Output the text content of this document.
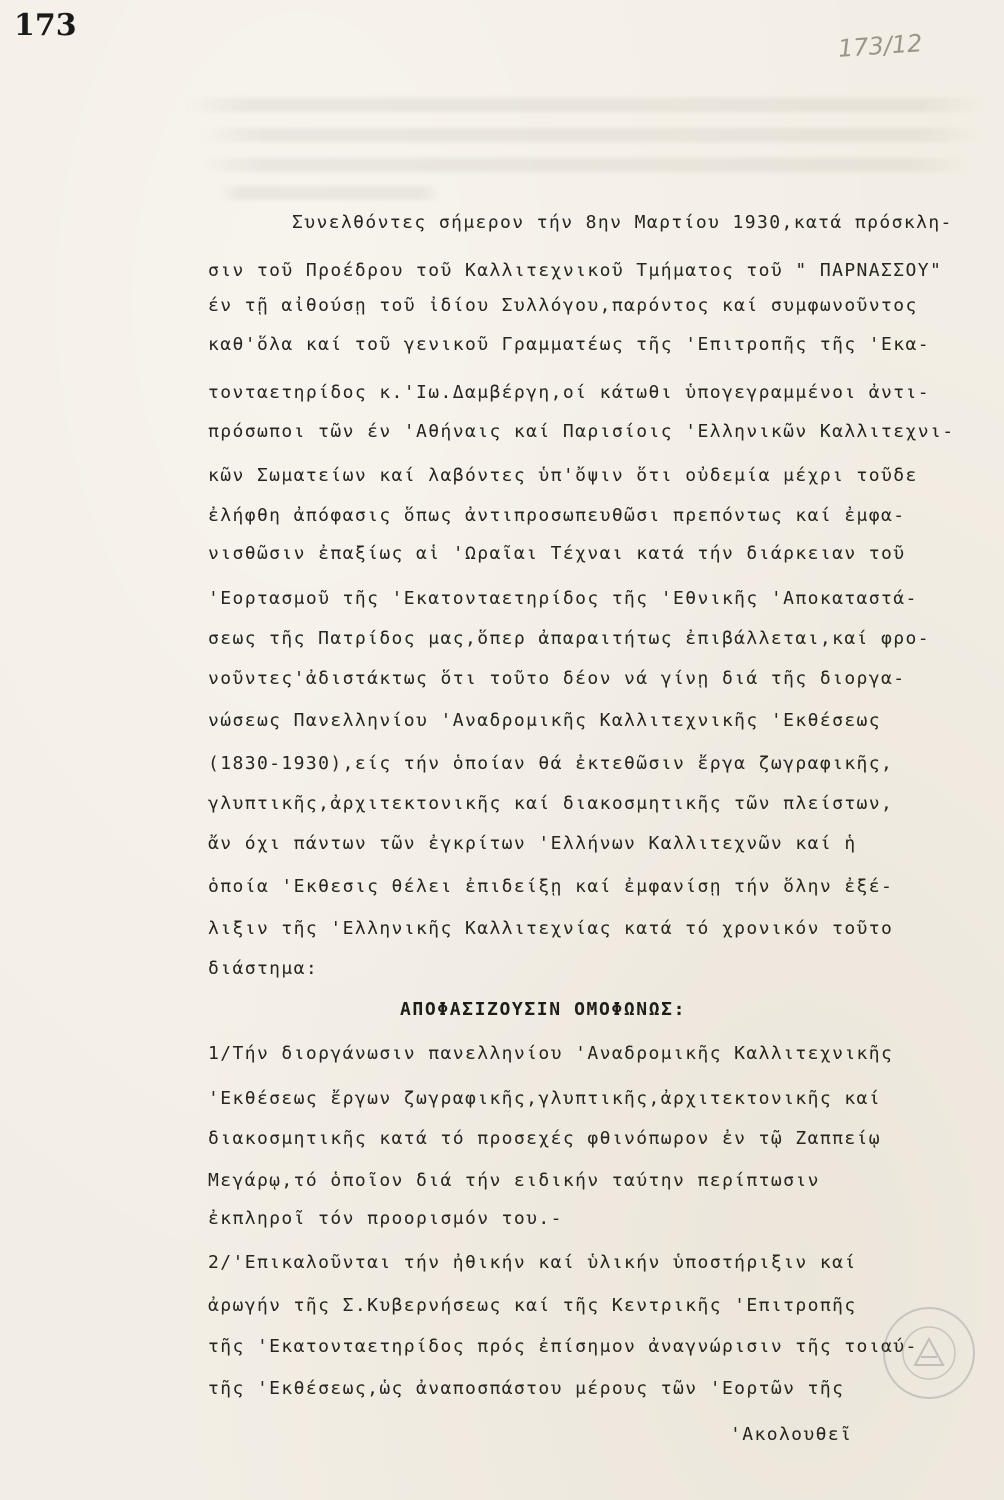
173
173/12
Συνελθόντες σήμερον τήν 8ην Μαρτίου 1930,κατά πρόσκλη-
σιν τοῦ Προέδρου τοῦ Καλλιτεχνικοῦ Τμήματος τοῦ " ΠΑΡΝΑΣΣΟΥ"
έν τῇ αἰθούσῃ τοῦ ἰδίου Συλλόγου,παρόντος καί συμφωνοῦντος
καθ'ὅλα καί τοῦ γενικοῦ Γραμματέως τῆς 'Επιτροπῆς τῆς 'Εκα-
τονταετηρίδος κ.'Ιω.Δαμβέργη,οί κάτωθι ὑπογεγραμμένοι ἀντι-
πρόσωποι τῶν έν 'Αθήναις καί Παρισίοις 'Ελληνικῶν Καλλιτεχνι-
κῶν Σωματείων καί λαβόντες ὑπ'ὄψιν ὅτι οὐδεμία μέχρι τοῦδε
ἐλήφθη ἀπόφασις ὅπως ἀντιπροσωπευθῶσι πρεπόντως καί ἐμφα-
νισθῶσιν ἐπαξίως αἱ 'Ωραῖαι Τέχναι κατά τήν διάρκειαν τοῦ
'Εορτασμοῦ τῆς 'Εκατονταετηρίδος τῆς 'Εθνικῆς 'Αποκαταστά-
σεως τῆς Πατρίδος μας,ὅπερ ἀπαραιτήτως ἐπιβάλλεται,καί φρο-
νοῦντες'ἀδιστάκτως ὅτι τοῦτο δέον νά γίνῃ διά τῆς διοργα-
νώσεως Πανελληνίου 'Αναδρομικῆς Καλλιτεχνικῆς 'Εκθέσεως
(1830-1930),είς τήν ὁποίαν θά ἐκτεθῶσιν ἔργα ζωγραφικῆς,
γλυπτικῆς,ἀρχιτεκτονικῆς καί διακοσμητικῆς τῶν πλείστων,
ἄν όχι πάντων τῶν ἐγκρίτων 'Ελλήνων Καλλιτεχνῶν καί ἡ
ὁποία 'Εκθεσις θέλει ἐπιδείξῃ καί ἐμφανίσῃ τήν ὅλην ἐξέ-
λιξιν τῆς 'Ελληνικῆς Καλλιτεχνίας κατά τό χρονικόν τοῦτο
διάστημα:
ΑΠΟΦΑΣΙΖΟΥΣΙΝ ΟΜΟΦΩΝΩΣ:
1/Τήν διοργάνωσιν πανελληνίου 'Αναδρομικῆς Καλλιτεχνικῆς
'Εκθέσεως ἔργων ζωγραφικῆς,γλυπτικῆς,ἀρχιτεκτονικῆς καί
διακοσμητικῆς κατά τό προσεχές φθινόπωρον ἐν τῷ Ζαππείῳ
Μεγάρῳ,τό ὁποῖον διά τήν ειδικήν ταύτην περίπτωσιν
ἐκπληροῖ τόν προορισμόν του.-
2/'Επικαλοῦνται τήν ἠθικήν καί ὑλικήν ὑποστήριξιν καί
ἀρωγήν τῆς Σ.Κυβερνήσεως καί τῆς Κεντρικῆς 'Επιτροπῆς
τῆς 'Εκατονταετηρίδος πρός ἐπίσημον ἀναγνώρισιν τῆς τοιαύ-
τῆς 'Εκθέσεως,ὡς ἀναποσπάστου μέρους τῶν 'Εορτῶν τῆς
'Ακολουθεῖ
